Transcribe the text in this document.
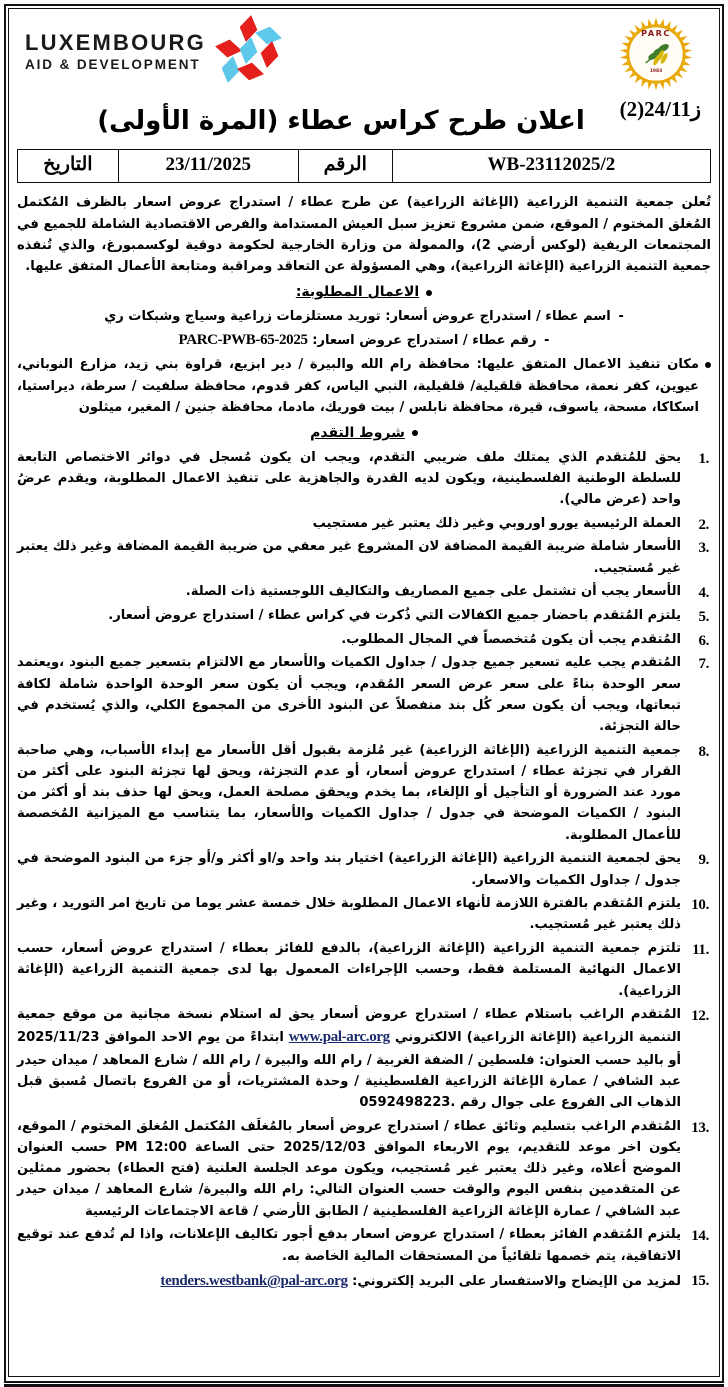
LUXEMBOURG
AID & DEVELOPMENT
PARC
1983
ز24/11(2)
اعلان طرح كراس عطاء (المرة الأولى)
WB-23112025/2	الرقم	23/11/2025	التاريخ

تُعلن جمعية التنمية الزراعية (الإغاثة الزراعية) عن طرح عطاء / استدراج عروض اسعار بالظرف المُكتمل المُغلق المختوم / الموقع، ضمن مشروع تعزيز سبل العيش المستدامة والفرص الاقتصادية الشاملة للجميع في المجتمعات الريفية (لوكس أرضي 2)، والممولة من وزارة الخارجية لحكومة دوقية لوكسمبورغ، والذي تُنفذه جمعية التنمية الزراعية (الإغاثة الزراعية)، وهي المسؤولة عن التعاقد ومراقبة ومتابعة الأعمال المتفق عليها.

الاعمال المطلوبة:
- اسم عطاء / استدراج عروض أسعار: توريد مستلزمات زراعية وسياج وشبكات ري
- رقم عطاء / استدراج عروض اسعار: PARC-PWB-65-2025
مكان تنفيذ الاعمال المتفق عليها: محافظة رام الله والبيرة / دير ابزيع، قراوة بني زيد، مزارع النوباني، عيوين، كفر نعمة، محافظة قلقيلية/ قلقيلية، النبي الياس، كفر قدوم، محافظة سلفيت / سرطة، ديراستيا، اسكاكا، مسحة، ياسوف، قيرة، محافظة نابلس / بيت فوريك، مادما، محافظة جنين / المغير، ميثلون
شروط التقدم
يحق للمُتقدم الذي يمتلك ملف ضريبي التقدم، ويجب ان يكون مُسجل في دوائر الاختصاص التابعة للسلطة الوطنية الفلسطينية، ويكون لديه القدرة والجاهزية على تنفيذ الاعمال المطلوبة، ويقدم عرضُ واحد (عرض مالي).
العملة الرئيسية يورو اوروبي وغير ذلك يعتبر غير مستجيب
الأسعار شاملة ضريبة القيمة المضافة لان المشروع غير معفي من ضريبة القيمة المضافة وغير ذلك يعتبر غير مُستجيب.
الأسعار يجب أن تشتمل على جميع المصاريف والتكاليف اللوجستية ذات الصلة.
يلتزم المُتقدم باحضار جميع الكفالات التي ذُكرت في كراس عطاء / استدراج عروض أسعار.
المُتقدم يجب أن يكون مُتخصصاً في المجال المطلوب.
المُتقدم يجب عليه تسعير جميع جدول / جداول الكميات والأسعار مع الالتزام بتسعير جميع البنود ،ويعتمد سعر الوحدة بناءً على سعر عرض السعر المُقدم، ويجب أن يكون سعر الوحدة الواحدة شاملة لكافة تبعاتها، ويجب أن يكون سعر كُل بند منفصلاً عن البنود الأخرى من المجموع الكلي، والذي يُستخدم في حالة التجزئة.
جمعية التنمية الزراعية (الإغاثة الزراعية) غير مُلزمة بقبول أقل الأسعار مع إبداء الأسباب، وهي صاحبة القرار في تجزئة عطاء / استدراج عروض أسعار، أو عدم التجزئة، ويحق لها تجزئة البنود على أكثر من مورد عند الضرورة أو التأجيل أو الإلغاء، بما يخدم ويحقق مصلحة العمل، ويحق لها حذف بند أو أكثر من البنود / الكميات الموضحة في جدول / جداول الكميات والأسعار، بما يتناسب مع الميزانية المُخصصة للأعمال المطلوبة.
يحق لجمعية التنمية الزراعية (الإغاثة الزراعية) اختيار بند واحد و/او أكثر و/أو جزء من البنود الموضحة في جدول / جداول الكميات والاسعار.
يلتزم المُتقدم بالفترة اللازمة لأنهاء الاعمال المطلوبة خلال خمسة عشر يوما من تاريخ امر التوريد ، وغير ذلك يعتبر غير مُستجيب.
تلتزم جمعية التنمية الزراعية (الإغاثة الزراعية)، بالدفع للفائز بعطاء / استدراج عروض أسعار، حسب الاعمال النهائية المستلمة فقط، وحسب الإجراءات المعمول بها لدى جمعية التنمية الزراعية (الإغاثة الزراعية).
المُتقدم الراغب باستلام عطاء / استدراج عروض أسعار يحق له استلام نسخة مجانية من موقع جمعية التنمية الزراعية (الإغاثة الزراعية) الالكتروني www.pal-arc.org ابتداءً من يوم الاحد الموافق 2025/11/23 أو باليد حسب العنوان: فلسطين / الضفة الغربية / رام الله والبيرة / رام الله / شارع المعاهد / ميدان حيدر عبد الشافي / عمارة الإغاثة الزراعية الفلسطينية / وحدة المشتريات، أو من الفروع باتصال مُسبق قبل الذهاب الى الفروع على جوال رقم .0592498223
المُتقدم الراغب بتسليم وثائق عطاء / استدراج عروض أسعار بالمُغلَف المُكتمل المُغلق المختوم / الموقع، يكون اخر موعد للتقديم، يوم الاربعاء الموافق 2025/12/03 حتى الساعة 12:00 PM حسب العنوان الموضح أعلاه، وغير ذلك يعتبر غير مُستجيب، ويكون موعد الجلسة العلنية (فتح العطاء) بحضور ممثلين عن المتقدمين بنفس اليوم والوقت حسب العنوان التالي: رام الله والبيرة/ شارع المعاهد / ميدان حيدر عبد الشافي / عمارة الإغاثة الزراعية الفلسطينية / الطابق الأرضي / قاعة الاجتماعات الرئيسية
يلتزم المُتقدم الفائز بعطاء / استدراج عروض اسعار بدفع أجور تكاليف الإعلانات، واذا لم تُدفع عند توقيع الاتفاقية، يتم خصمها تلقائياً من المستحقات المالية الخاصة به.
لمزيد من الإيضاح والاستفسار على البريد إلكتروني: tenders.westbank@pal-arc.org
